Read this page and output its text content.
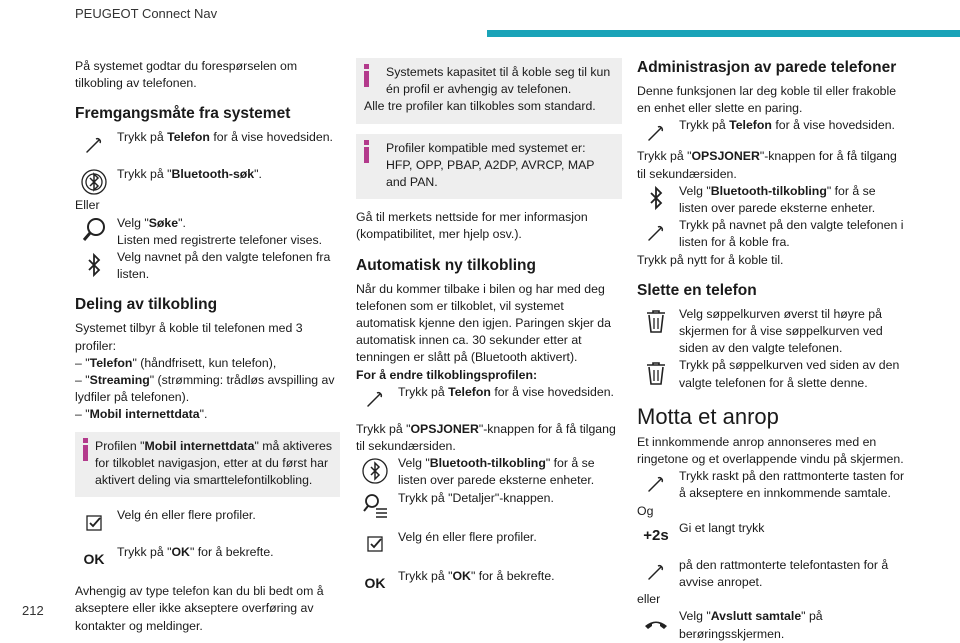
PEUGEOT Connect Nav

På systemet godtar du forespørselen om tilkobling av telefonen.

Fremgangsmåte fra systemet

Trykk på Telefon for å vise hovedsiden.

Trykk på "Bluetooth-søk".

Eller

Velg "Søke".
Listen med registrerte telefoner vises.

Velg navnet på den valgte telefonen fra listen.

Deling av tilkobling

Systemet tilbyr å koble til telefonen med 3 profiler:

– "Telefon" (håndfrisett, kun telefon),

– "Streaming" (strømming: trådløs avspilling av lydfiler på telefonen).

– "Mobil internettdata".

Profilen "Mobil internettdata" må aktiveres for tilkoblet navigasjon, etter at du først har aktivert deling via smarttelefontilkobling.

Velg én eller flere profiler.

OK	Trykk på "OK" for å bekrefte.

Avhengig av type telefon kan du bli bedt om å akseptere eller ikke akseptere overføring av kontakter og meldinger.

Systemets kapasitet til å koble seg til kun én profil er avhengig av telefonen.

Alle tre profiler kan tilkobles som standard.

Profiler kompatible med systemet er: HFP, OPP, PBAP, A2DP, AVRCP, MAP and PAN.

Gå til merkets nettside for mer informasjon (kompatibilitet, mer hjelp osv.).

Automatisk ny tilkobling

Når du kommer tilbake i bilen og har med deg telefonen som er tilkoblet, vil systemet automatisk kjenne den igjen. Paringen skjer da automatisk innen ca. 30 sekunder etter at tenningen er slått på (Bluetooth aktivert).

For å endre tilkoblingsprofilen:

Trykk på Telefon for å vise hovedsiden.

Trykk på "OPSJONER"-knappen for å få tilgang til sekundærsiden.

Velg "Bluetooth-tilkobling" for å se listen over parede eksterne enheter.

Trykk på "Detaljer"-knappen.

Velg én eller flere profiler.

OK	Trykk på "OK" for å bekrefte.

Administrasjon av parede telefoner

Denne funksjonen lar deg koble til eller frakoble en enhet eller slette en paring.

Trykk på Telefon for å vise hovedsiden.

Trykk på "OPSJONER"-knappen for å få tilgang til sekundærsiden.

Velg "Bluetooth-tilkobling" for å se listen over parede eksterne enheter.

Trykk på navnet på den valgte telefonen i listen for å koble fra.

Trykk på nytt for å koble til.

Slette en telefon

Velg søppelkurven øverst til høyre på skjermen for å vise søppelkurven ved siden av den valgte telefonen.

Trykk på søppelkurven ved siden av den valgte telefonen for å slette denne.

Motta et anrop

Et innkommende anrop annonseres med en ringetone og et overlappende vindu på skjermen.

Trykk raskt på den rattmonterte tasten for å akseptere en innkommende samtale.

Og

+2s Gi et langt trykk

på den rattmonterte telefontasten for å avvise anropet.

eller

Velg "Avslutt samtale" på berøringsskjermen.

212
